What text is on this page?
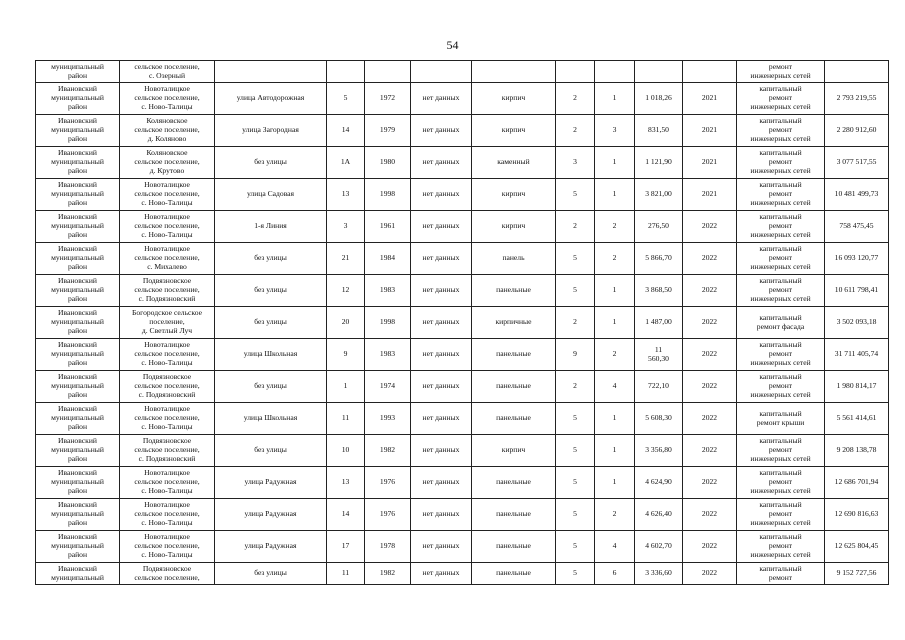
54
муниципальный
район	сельское поселение,
с. Озерный										ремонт
инженерных сетей	
Ивановский
муниципальный
район	Новоталицкое
сельское поселение,
с. Ново-Талицы	улица Автодорожная	5	1972	нет данных	кирпич	2	1	1 018,26	2021	капитальный
ремонт
инженерных сетей	2 793 219,55
Ивановский
муниципальный
район	Коляновское
сельское поселение,
д. Коляново	улица Загородная	14	1979	нет данных	кирпич	2	3	831,50	2021	капитальный
ремонт
инженерных сетей	2 280 912,60
Ивановский
муниципальный
район	Коляновское
сельское поселение,
д. Крутово	без улицы	1А	1980	нет данных	каменный	3	1	1 121,90	2021	капитальный
ремонт
инженерных сетей	3 077 517,55
Ивановский
муниципальный
район	Новоталицкое
сельское поселение,
с. Ново-Талицы	улица Садовая	13	1998	нет данных	кирпич	5	1	3 821,00	2021	капитальный
ремонт
инженерных сетей	10 481 499,73
Ивановский
муниципальный
район	Новоталицкое
сельское поселение,
с. Ново-Талицы	1-я Линия	3	1961	нет данных	кирпич	2	2	276,50	2022	капитальный
ремонт
инженерных сетей	758 475,45
Ивановский
муниципальный
район	Новоталицкое
сельское поселение,
с. Михалево	без улицы	21	1984	нет данных	панель	5	2	5 866,70	2022	капитальный
ремонт
инженерных сетей	16 093 120,77
Ивановский
муниципальный
район	Подвязновское
сельское поселение,
с. Подвязновский	без улицы	12	1983	нет данных	панельные	5	1	3 868,50	2022	капитальный
ремонт
инженерных сетей	10 611 798,41
Ивановский
муниципальный
район	Богородское сельское
поселение,
д. Светлый Луч	без улицы	20	1998	нет данных	кирпичные	2	1	1 487,00	2022	капитальный
ремонт фасада	3 502 093,18
Ивановский
муниципальный
район	Новоталицкое
сельское поселение,
с. Ново-Талицы	улица Школьная	9	1983	нет данных	панельные	9	2	11
560,30	2022	капитальный
ремонт
инженерных сетей	31 711 405,74
Ивановский
муниципальный
район	Подвязновское
сельское поселение,
с. Подвязновский	без улицы	1	1974	нет данных	панельные	2	4	722,10	2022	капитальный
ремонт
инженерных сетей	1 980 814,17
Ивановский
муниципальный
район	Новоталицкое
сельское поселение,
с. Ново-Талицы	улица Школьная	11	1993	нет данных	панельные	5	1	5 608,30	2022	капитальный
ремонт крыши	5 561 414,61
Ивановский
муниципальный
район	Подвязновское
сельское поселение,
с. Подвязновский	без улицы	10	1982	нет данных	кирпич	5	1	3 356,80	2022	капитальный
ремонт
инженерных сетей	9 208 138,78
Ивановский
муниципальный
район	Новоталицкое
сельское поселение,
с. Ново-Талицы	улица Радужная	13	1976	нет данных	панельные	5	1	4 624,90	2022	капитальный
ремонт
инженерных сетей	12 686 701,94
Ивановский
муниципальный
район	Новоталицкое
сельское поселение,
с. Ново-Талицы	улица Радужная	14	1976	нет данных	панельные	5	2	4 626,40	2022	капитальный
ремонт
инженерных сетей	12 690 816,63
Ивановский
муниципальный
район	Новоталицкое
сельское поселение,
с. Ново-Талицы	улица Радужная	17	1978	нет данных	панельные	5	4	4 602,70	2022	капитальный
ремонт
инженерных сетей	12 625 804,45
Ивановский
муниципальный	Подвязновское
сельское поселение,	без улицы	11	1982	нет данных	панельные	5	6	3 336,60	2022	капитальный
ремонт	9 152 727,56
